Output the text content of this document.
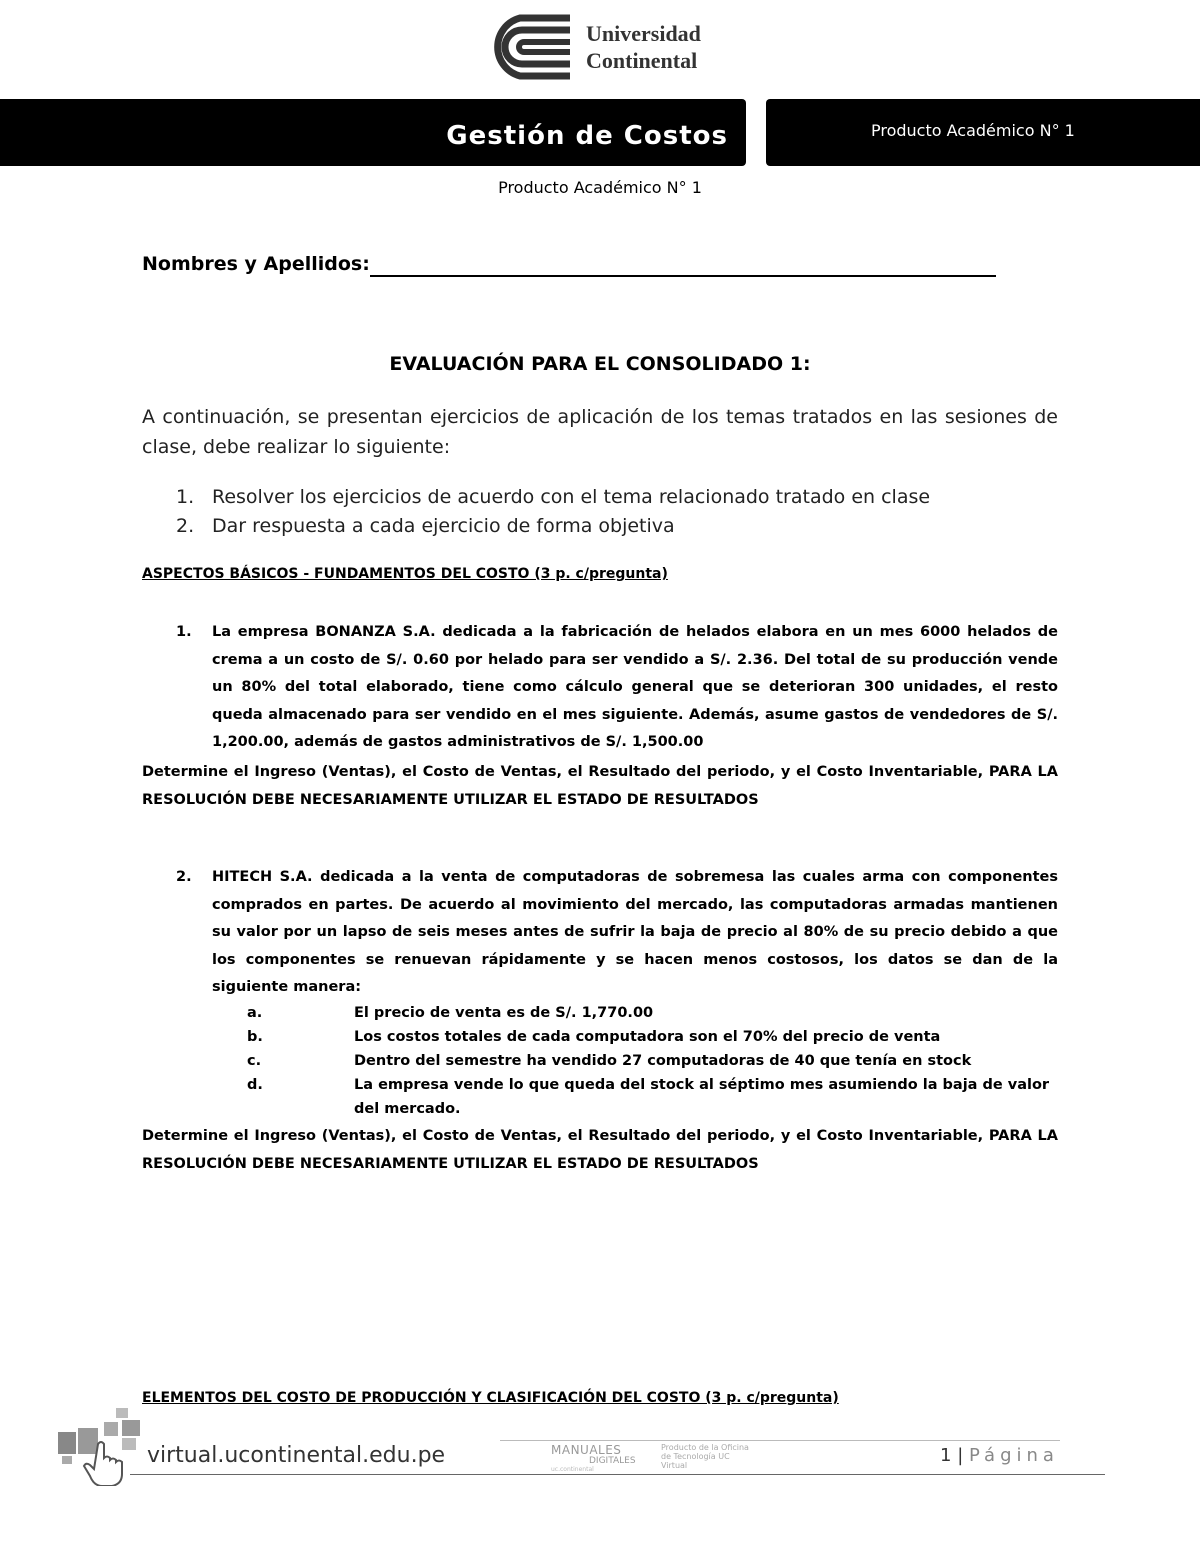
Universidad
Continental
Gestión de Costos	Producto Académico N° 1
Producto Académico N° 1
Nombres y Apellidos:
EVALUACIÓN PARA EL CONSOLIDADO 1:
A continuación, se presentan ejercicios de aplicación de los temas tratados en las sesiones de clase, debe realizar lo siguiente:
1. Resolver los ejercicios de acuerdo con el tema relacionado tratado en clase
2. Dar respuesta a cada ejercicio de forma objetiva
ASPECTOS BÁSICOS - FUNDAMENTOS DEL COSTO (3 p. c/pregunta)
1.	La empresa BONANZA S.A. dedicada a la fabricación de helados elabora en un mes 6000 helados de crema a un costo de S/. 0.60 por helado para ser vendido a S/. 2.36. Del total de su producción vende un 80% del total elaborado, tiene como cálculo general que se deterioran 300 unidades, el resto queda almacenado para ser vendido en el mes siguiente. Además, asume gastos de vendedores de S/. 1,200.00, además de gastos administrativos de S/. 1,500.00
Determine el Ingreso (Ventas), el Costo de Ventas, el Resultado del periodo, y el Costo Inventariable, PARA LA RESOLUCIÓN DEBE NECESARIAMENTE UTILIZAR EL ESTADO DE RESULTADOS
2.	HITECH S.A. dedicada a la venta de computadoras de sobremesa las cuales arma con componentes comprados en partes. De acuerdo al movimiento del mercado, las computadoras armadas mantienen su valor por un lapso de seis meses antes de sufrir la baja de precio al 80% de su precio debido a que los componentes se renuevan rápidamente y se hacen menos costosos, los datos se dan de la siguiente manera:
a.	El precio de venta es de S/. 1,770.00
b.	Los costos totales de cada computadora son el 70% del precio de venta
c.	Dentro del semestre ha vendido 27 computadoras de 40 que tenía en stock
d.	La empresa vende lo que queda del stock al séptimo mes asumiendo la baja de valor del mercado.
Determine el Ingreso (Ventas), el Costo de Ventas, el Resultado del periodo, y el Costo Inventariable, PARA LA RESOLUCIÓN DEBE NECESARIAMENTE UTILIZAR EL ESTADO DE RESULTADOS
ELEMENTOS DEL COSTO DE PRODUCCIÓN Y CLASIFICACIÓN DEL COSTO (3 p. c/pregunta)
virtual.ucontinental.edu.pe	MANUALES
DIGITALES
Producto de la Oficina de Tecnología UC Virtual
uc.continental
1 | Página
